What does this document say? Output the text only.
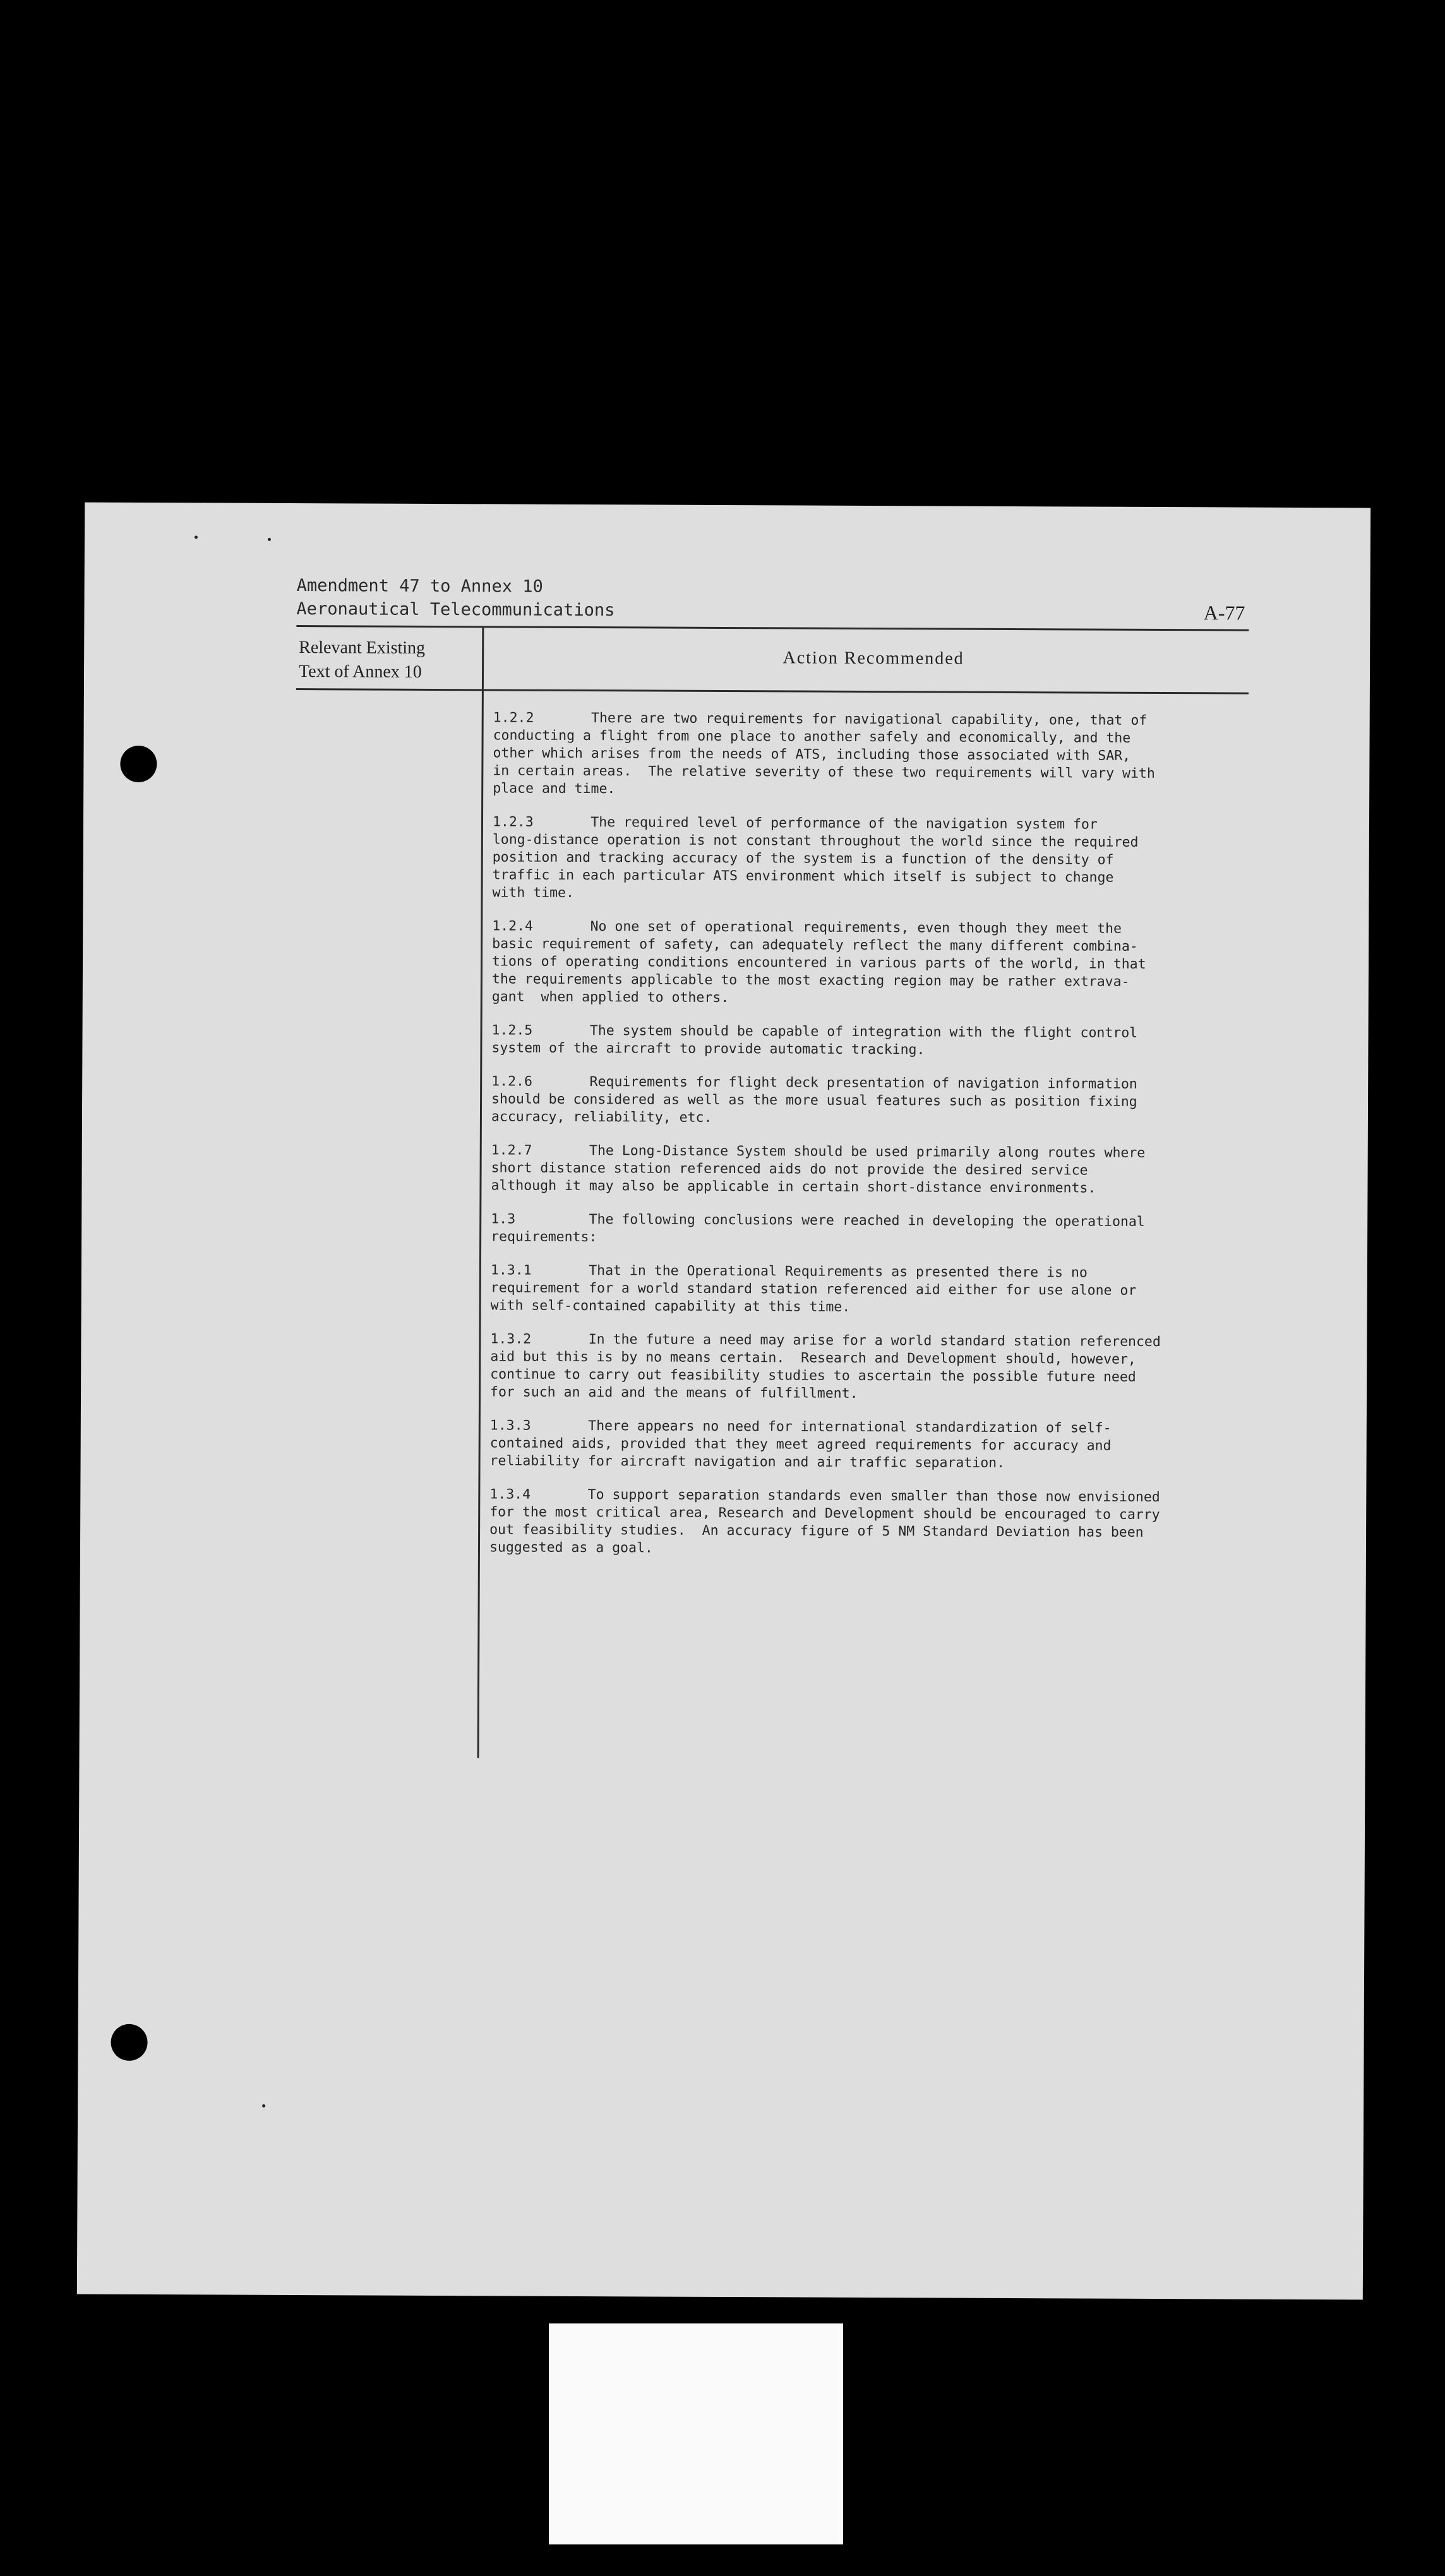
Amendment 47 to Annex 10
Aeronautical Telecommunications	A-77
Relevant Existing
Text of Annex 10
Action Recommended
1.2.2       There are two requirements for navigational capability, one, that of
conducting a flight from one place to another safely and economically, and the
other which arises from the needs of ATS, including those associated with SAR,
in certain areas.  The relative severity of these two requirements will vary with
place and time.
1.2.3       The required level of performance of the navigation system for
long-distance operation is not constant throughout the world since the required
position and tracking accuracy of the system is a function of the density of
traffic in each particular ATS environment which itself is subject to change
with time.
1.2.4       No one set of operational requirements, even though they meet the
basic requirement of safety, can adequately reflect the many different combina-
tions of operating conditions encountered in various parts of the world, in that
the requirements applicable to the most exacting region may be rather extrava-
gant  when applied to others.
1.2.5       The system should be capable of integration with the flight control
system of the aircraft to provide automatic tracking.
1.2.6       Requirements for flight deck presentation of navigation information
should be considered as well as the more usual features such as position fixing
accuracy, reliability, etc.
1.2.7       The Long-Distance System should be used primarily along routes where
short distance station referenced aids do not provide the desired service
although it may also be applicable in certain short-distance environments.
1.3         The following conclusions were reached in developing the operational
requirements:
1.3.1       That in the Operational Requirements as presented there is no
requirement for a world standard station referenced aid either for use alone or
with self-contained capability at this time.
1.3.2       In the future a need may arise for a world standard station referenced
aid but this is by no means certain.  Research and Development should, however,
continue to carry out feasibility studies to ascertain the possible future need
for such an aid and the means of fulfillment.
1.3.3       There appears no need for international standardization of self-
contained aids, provided that they meet agreed requirements for accuracy and
reliability for aircraft navigation and air traffic separation.
1.3.4       To support separation standards even smaller than those now envisioned
for the most critical area, Research and Development should be encouraged to carry
out feasibility studies.  An accuracy figure of 5 NM Standard Deviation has been
suggested as a goal.
